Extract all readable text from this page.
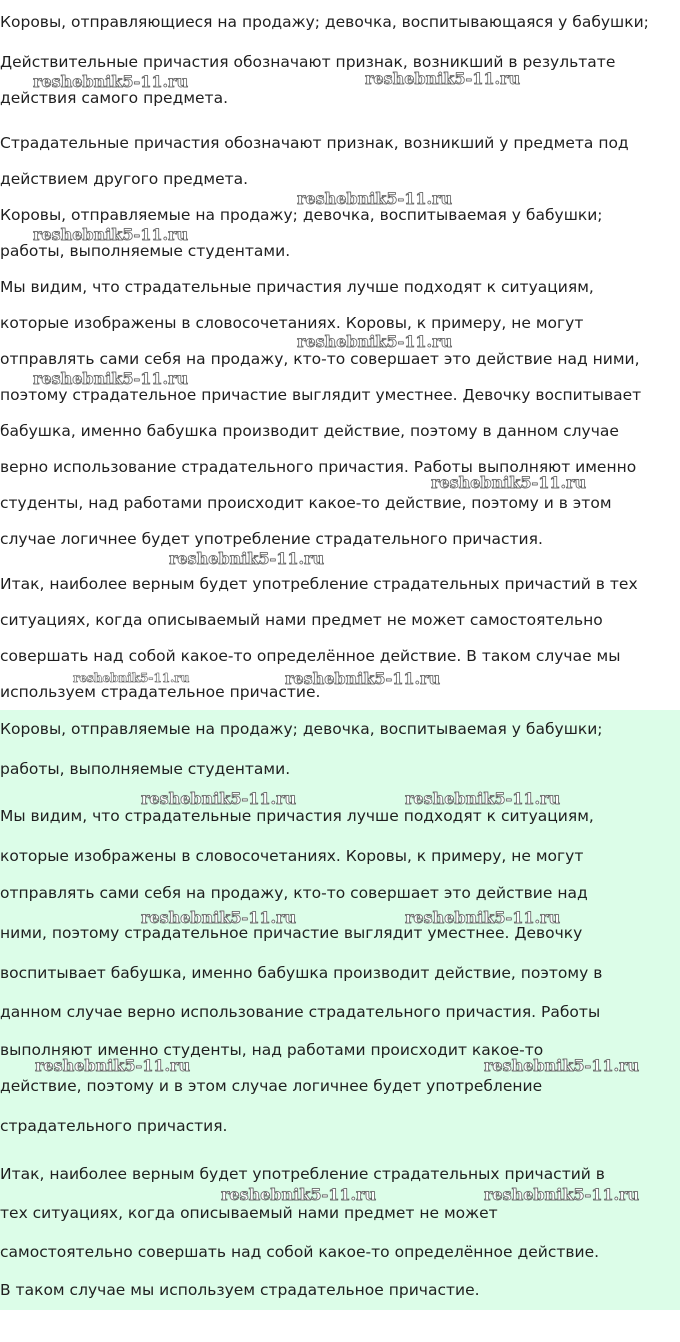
Коровы, отправляющиеся на продажу; девочка, воспитывающаяся у бабушки;
Действительные причастия обозначают признак, возникший в результате
действия самого предмета.
Страдательные причастия обозначают признак, возникший у предмета под
действием другого предмета.
Коровы, отправляемые на продажу; девочка, воспитываемая у бабушки;
работы, выполняемые студентами.
Мы видим, что страдательные причастия лучше подходят к ситуациям,
которые изображены в словосочетаниях. Коровы, к примеру, не могут
отправлять сами себя на продажу, кто-то совершает это действие над ними,
поэтому страдательное причастие выглядит уместнее. Девочку воспитывает
бабушка, именно бабушка производит действие, поэтому в данном случае
верно использование страдательного причастия. Работы выполняют именно
студенты, над работами происходит какое-то действие, поэтому и в этом
случае логичнее будет употребление страдательного причастия.
Итак, наиболее верным будет употребление страдательных причастий в тех
ситуациях, когда описываемый нами предмет не может самостоятельно
совершать над собой какое-то определённое действие. В таком случае мы
используем страдательное причастие.
Коровы, отправляемые на продажу; девочка, воспитываемая у бабушки;
работы, выполняемые студентами.
Мы видим, что страдательные причастия лучше подходят к ситуациям,
которые изображены в словосочетаниях. Коровы, к примеру, не могут
отправлять сами себя на продажу, кто-то совершает это действие над
ними, поэтому страдательное причастие выглядит уместнее. Девочку
воспитывает бабушка, именно бабушка производит действие, поэтому в
данном случае верно использование страдательного причастия. Работы
выполняют именно студенты, над работами происходит какое-то
действие, поэтому и в этом случае логичнее будет употребление
страдательного причастия.
Итак, наиболее верным будет употребление страдательных причастий в
тех ситуациях, когда описываемый нами предмет не может
самостоятельно совершать над собой какое-то определённое действие.
В таком случае мы используем страдательное причастие.
reshebnik5-11.ru	reshebnik5-11.ru
reshebnik5-11.ru
reshebnik5-11.ru
reshebnik5-11.ru
reshebnik5-11.ru
reshebnik5-11.ru
reshebnik5-11.ru
reshebnik5-11.ru	reshebnik5-11.ru
reshebnik5-11.ru	reshebnik5-11.ru
reshebnik5-11.ru	reshebnik5-11.ru
reshebnik5-11.ru	reshebnik5-11.ru
reshebnik5-11.ru	reshebnik5-11.ru
